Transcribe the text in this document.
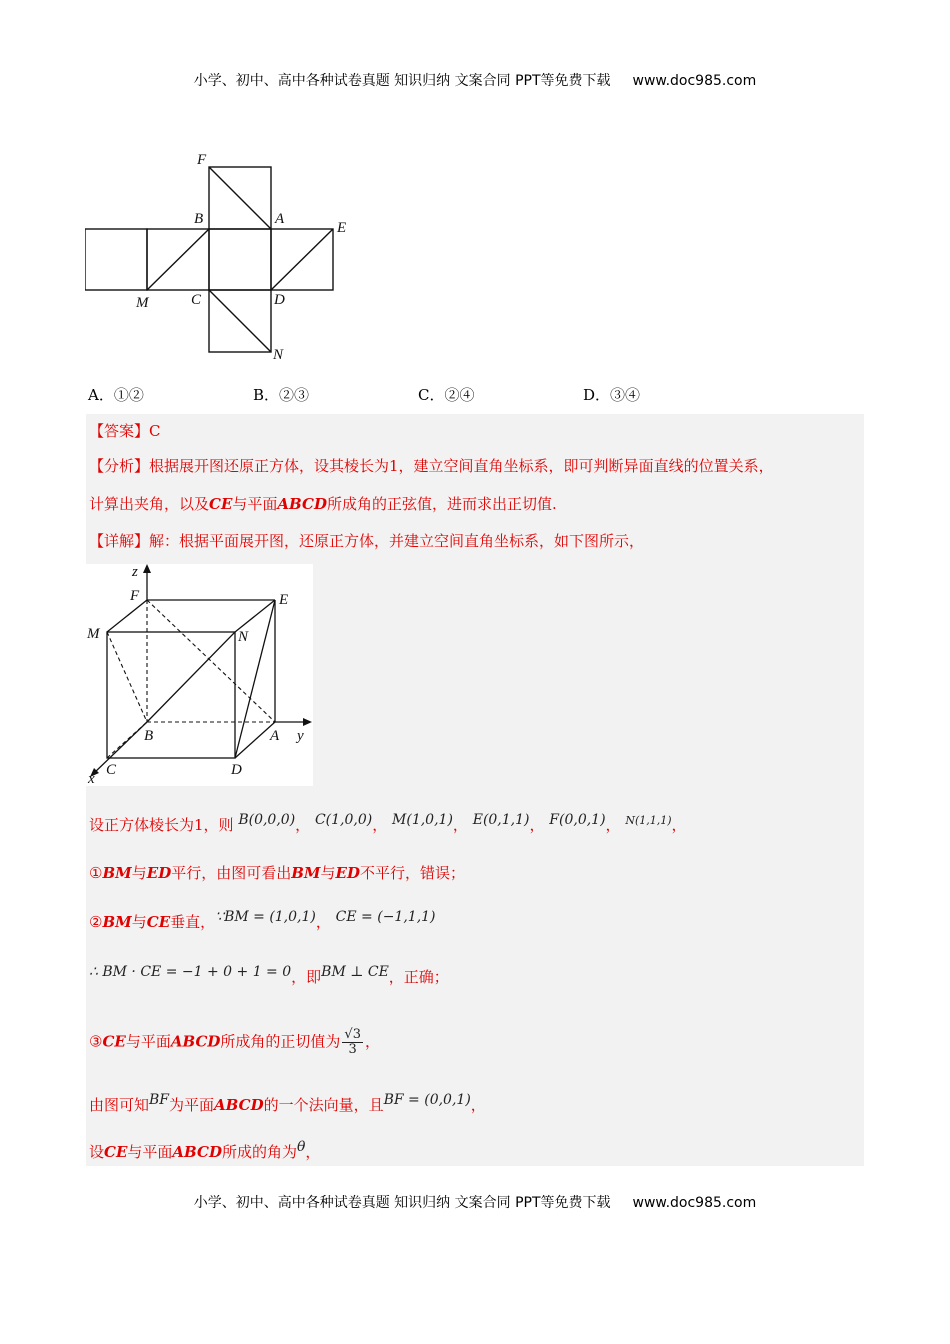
小学、初中、高中各种试卷真题 知识归纳 文案合同 PPT等免费下载 www.doc985.com
F
B	A
E
M	C	D
N
A．①②	B．②③	C．②④	D．③④
【答案】C
【分析】根据展开图还原正方体，设其棱长为1，建立空间直角坐标系，即可判断异面直线的位置关系，
计算出夹角，以及CE与平面ABCD所成角的正弦值，进而求出正切值.
【详解】解：根据平面展开图，还原正方体，并建立空间直角坐标系，如下图所示，
z
F	E
M	N
B	A y
C	D
x
设正方体棱长为1，则 B(0,0,0)， C(1,0,0)， M(1,0,1)， E(0,1,1)， F(0,0,1)， $^{N(1,1,1)}$，
①BM与ED平行，由图可看出BM与ED不平行，错误；
②BM与CE垂直，∵BM = (1,0,1)， CE = (−1,1,1)
∴ BM · CE = −1 + 0 + 1 = 0，即BM ⊥ CE，正确；
③CE与平面ABCD所成角的正切值为 $\frac{√3}{3}$ ，
由图可知BF为平面ABCD的一个法向量，且BF = (0,0,1)，
设CE与平面ABCD所成的角为θ，
小学、初中、高中各种试卷真题 知识归纳 文案合同 PPT等免费下载 www.doc985.com
